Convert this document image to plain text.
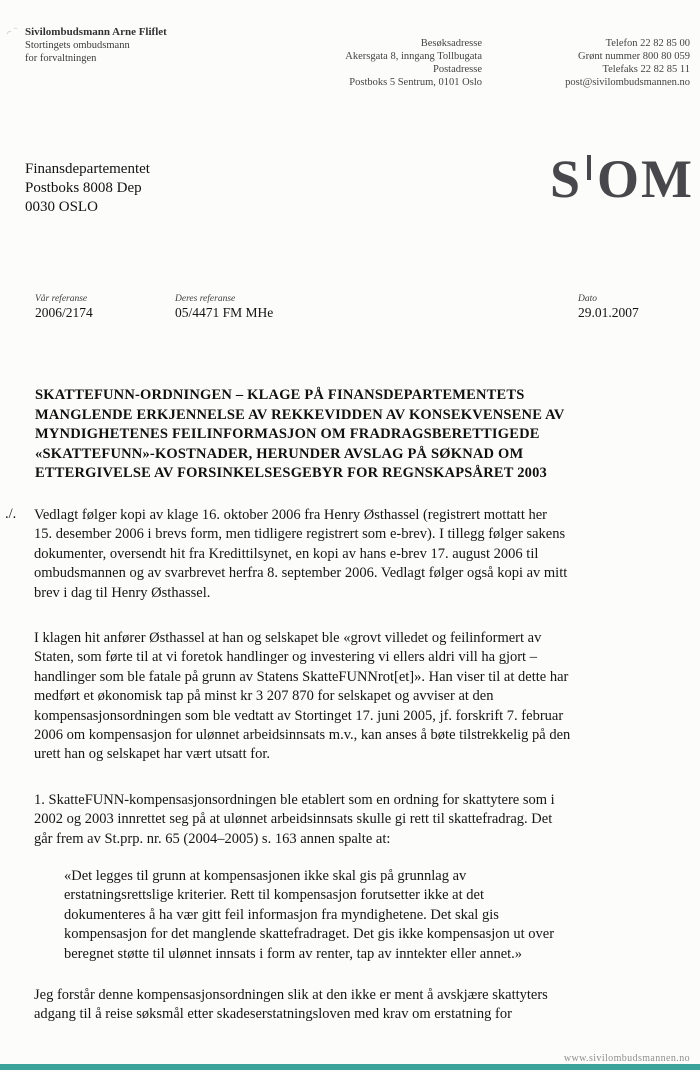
Sivilombudsmann Arne Fliflet
Stortingets ombudsmann
for forvaltningen
Besøksadresse
Akersgata 8, inngang Tollbugata
Postadresse
Postboks 5 Sentrum, 0101 Oslo
Telefon 22 82 85 00
Grønt nummer 800 80 059
Telefaks 22 82 85 11
post@sivilombudsmannen.no
Finansdepartementet
Postboks 8008 Dep
0030 OSLO	S OM
Vår referanse
2006/2174
Deres referanse
05/4471 FM MHe
Dato
29.01.2007
SKATTEFUNN-ORDNINGEN – KLAGE PÅ FINANSDEPARTEMENTETS
MANGLENDE ERKJENNELSE AV REKKEVIDDEN AV KONSEKVENSENE AV
MYNDIGHETENES FEILINFORMASJON OM FRADRAGSBERETTIGEDE
«SKATTEFUNN»-KOSTNADER, HERUNDER AVSLAG PÅ SØKNAD OM
ETTERGIVELSE AV FORSINKELSESGEBYR FOR REGNSKAPSÅRET 2003
./. Vedlagt følger kopi av klage 16. oktober 2006 fra Henry Østhassel (registrert mottatt her
15. desember 2006 i brevs form, men tidligere registrert som e-brev). I tillegg følger sakens
dokumenter, oversendt hit fra Kredittilsynet, en kopi av hans e-brev 17. august 2006 til
ombudsmannen og av svarbrevet herfra 8. september 2006. Vedlagt følger også kopi av mitt
brev i dag til Henry Østhassel.
I klagen hit anfører Østhassel at han og selskapet ble «grovt villedet og feilinformert av
Staten, som førte til at vi foretok handlinger og investering vi ellers aldri vill ha gjort –
handlinger som ble fatale på grunn av Statens SkatteFUNNrot[et]». Han viser til at dette har
medført et økonomisk tap på minst kr 3 207 870 for selskapet og avviser at den
kompensasjonsordningen som ble vedtatt av Stortinget 17. juni 2005, jf. forskrift 7. februar
2006 om kompensasjon for ulønnet arbeidsinnsats m.v., kan anses å bøte tilstrekkelig på den
urett han og selskapet har vært utsatt for.
1. SkatteFUNN-kompensasjonsordningen ble etablert som en ordning for skattytere som i
2002 og 2003 innrettet seg på at ulønnet arbeidsinnsats skulle gi rett til skattefradrag. Det
går frem av St.prp. nr. 65 (2004–2005) s. 163 annen spalte at:
«Det legges til grunn at kompensasjonen ikke skal gis på grunnlag av
erstatningsrettslige kriterier. Rett til kompensasjon forutsetter ikke at det
dokumenteres å ha vær gitt feil informasjon fra myndighetene. Det skal gis
kompensasjon for det manglende skattefradraget. Det gis ikke kompensasjon ut over
beregnet støtte til ulønnet innsats i form av renter, tap av inntekter eller annet.»
Jeg forstår denne kompensasjonsordningen slik at den ikke er ment å avskjære skattyters
adgang til å reise søksmål etter skadeserstatningsloven med krav om erstatning for
www.sivilombudsmannen.no
